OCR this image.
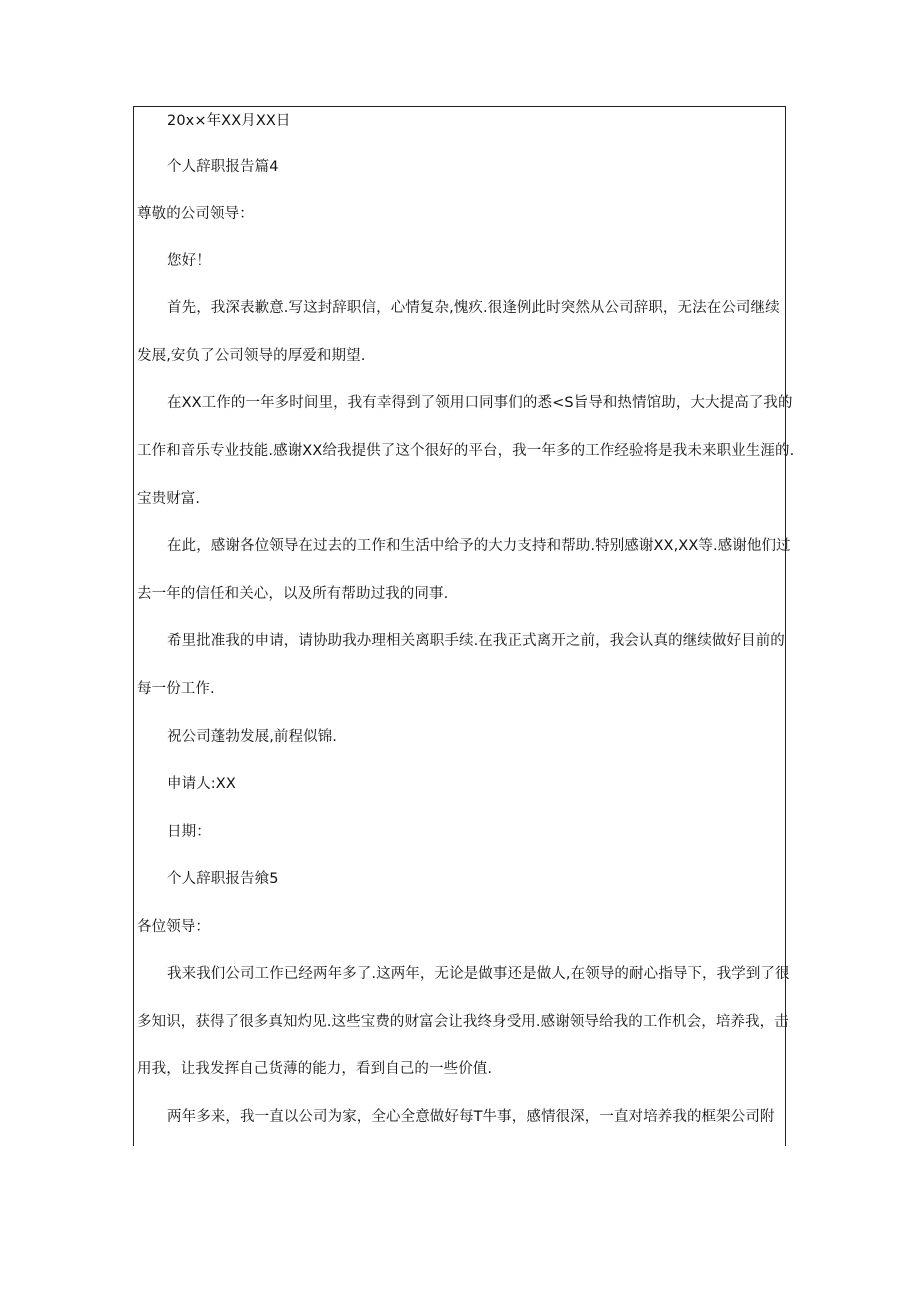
20x×年XX月XX日
个人辞职报告篇4
尊敬的公司领导：
您好！
首先，我深表歉意.写这封辞职信，心情复杂,愧疚.很逢例此时突然从公司辞职，无法在公司继续
发展,安负了公司领导的厚爱和期望.
在XX工作的一年多时间里，我有幸得到了领用口同事们的悉<S旨导和热情馆助，大大提高了我的
工作和音乐专业技能.感谢XX给我提供了这个很好的平台，我一年多的工作经验将是我未来职业生涯的.
宝贵财富.
在此，感谢各位领导在过去的工作和生活中给予的大力支持和帮助.特别感谢XX,XX等.感谢他们过
去一年的信任和关心，以及所有帮助过我的同事.
希里批准我的申请，请协助我办理相关离职手续.在我正式离开之前，我会认真的继续做好目前的
每一份工作.
祝公司蓬勃发展,前程似锦.
申请人:XX
日期：
个人辞职报告飨5
各位领导：
我来我们公司工作已经两年多了.这两年，无论是做事还是做人,在领导的耐心指导下，我学到了很
多知识，获得了很多真知灼见.这些宝费的财富会让我终身受用.感谢领导给我的工作机会，培养我，击
用我，让我发挥自己货薄的能力，看到自己的一些价值.
两年多来，我一直以公司为家，全心全意做好每T牛事，感情很深，一直对培养我的框架公司附
